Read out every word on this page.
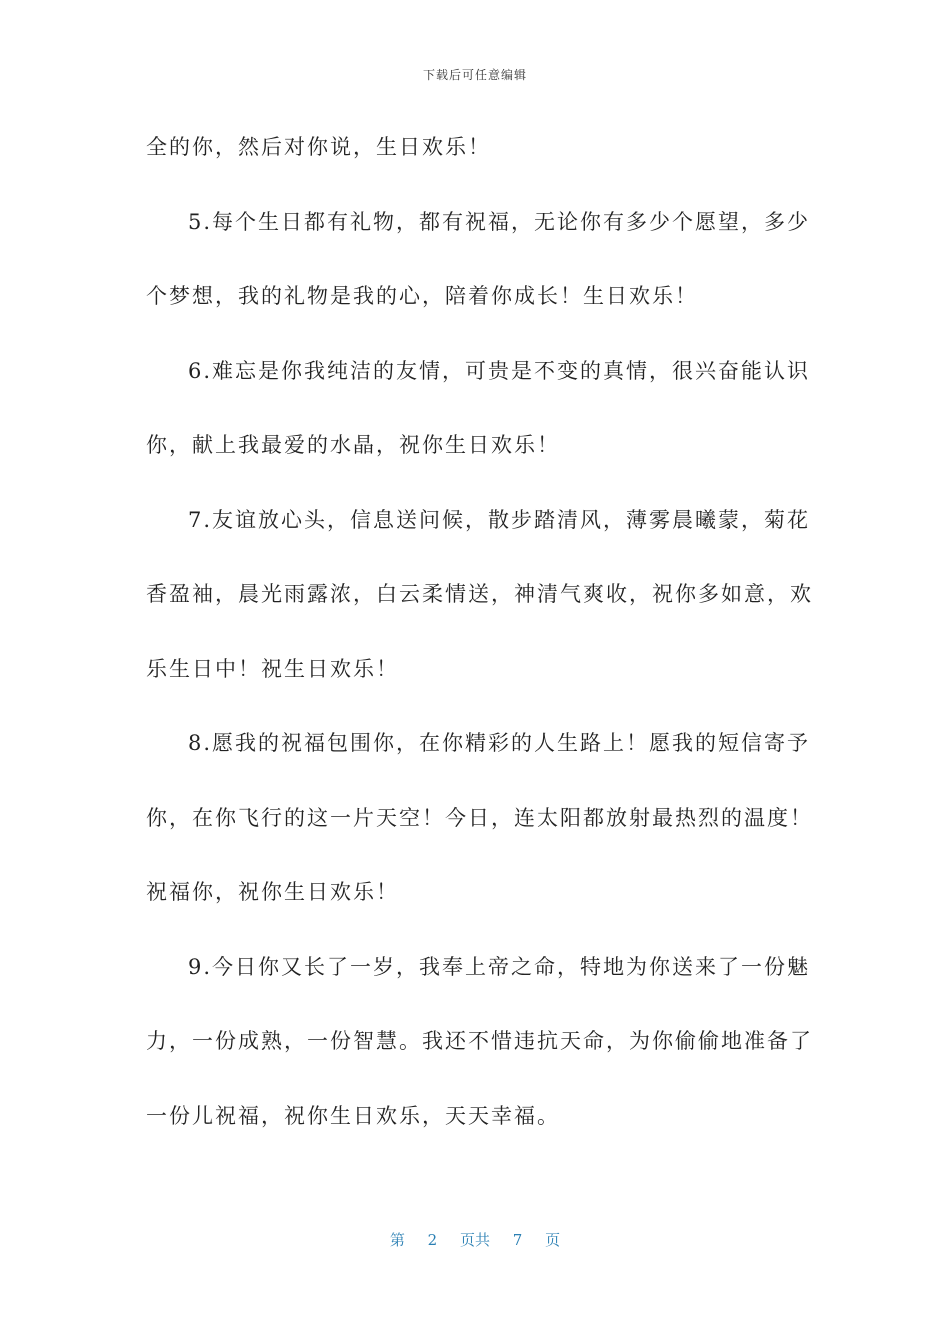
下载后可任意编辑
全的你，然后对你说，生日欢乐！
5.每个生日都有礼物，都有祝福，无论你有多少个愿望，多少
个梦想，我的礼物是我的心，陪着你成长！生日欢乐！
6.难忘是你我纯洁的友情，可贵是不变的真情，很兴奋能认识
你，献上我最爱的水晶，祝你生日欢乐！
7.友谊放心头，信息送问候，散步踏清风，薄雾晨曦蒙，菊花
香盈袖，晨光雨露浓，白云柔情送，神清气爽收，祝你多如意，欢
乐生日中！祝生日欢乐！
8.愿我的祝福包围你，在你精彩的人生路上！愿我的短信寄予
你，在你飞行的这一片天空！今日，连太阳都放射最热烈的温度！
祝福你，祝你生日欢乐！
9.今日你又长了一岁，我奉上帝之命，特地为你送来了一份魅
力，一份成熟，一份智慧。我还不惜违抗天命，为你偷偷地准备了
一份儿祝福，祝你生日欢乐，天天幸福。
第 2 页共 7 页
